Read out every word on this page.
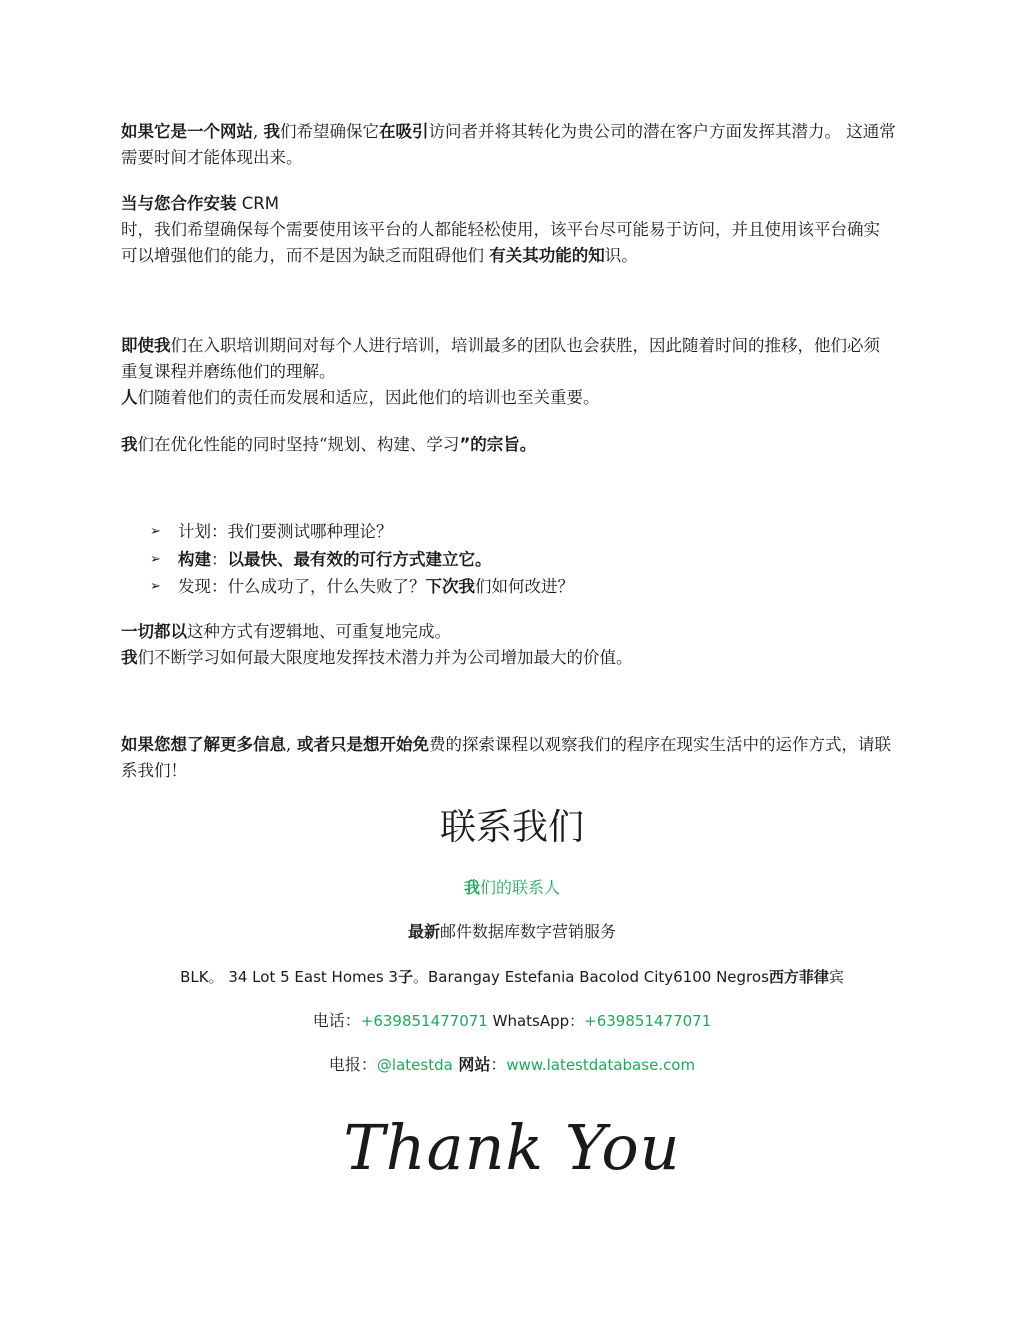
如果它是一个网站, 我们希望确保它在吸引访问者并将其转化为贵公司的潜在客户方面发挥其潜力。 这通常需要时间才能体现出来。

当与您合作安装 CRM
时，我们希望确保每个需要使用该平台的人都能轻松使用，该平台尽可能易于访问，并且使用该平台确实可以增强他们的能力，而不是因为缺乏而阻碍他们 有关其功能的知识。

即使我们在入职培训期间对每个人进行培训，培训最多的团队也会获胜，因此随着时间的推移，他们必须重复课程并磨练他们的理解。
人们随着他们的责任而发展和适应，因此他们的培训也至关重要。

我们在优化性能的同时坚持“规划、构建、学习”的宗旨。

➢	计划：我们要测试哪种理论？
➢	构建 ： 以最快、最有效的可行方式建立它。
➢	发现：什么成功了，什么失败了？ 下次我 们如何改进？

一切都以这种方式有逻辑地、可重复地完成。
我们不断学习如何最大限度地发挥技术潜力并为公司增加最大的价值。

如果您想了解更多信息, 或者只是想开始免费的探索课程以观察我们的程序在现实生活中的运作方式，请联系我们！

联系我们

我们的联系人

最新邮件数据库数字营销服务

BLK。 34 Lot 5 East Homes 3子。Barangay Estefania Bacolod City6100 Negros西方菲律宾

电话：+639851477071 WhatsApp：+639851477071

电报：@latestda 网站：www.latestdatabase.com

Thank You
